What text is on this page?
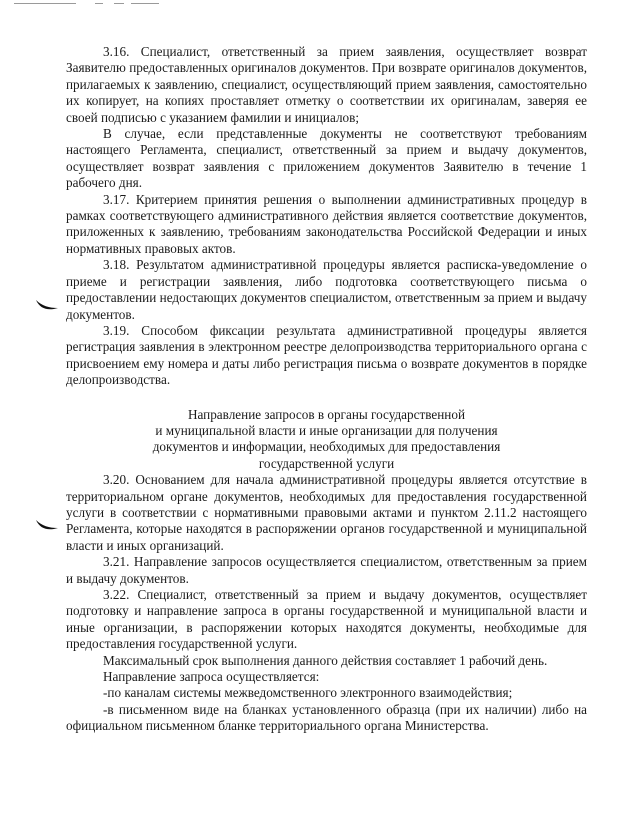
3.16. Специалист, ответственный за прием заявления, осуществляет возврат Заявителю предоставленных оригиналов документов. При возврате оригиналов документов, прилагаемых к заявлению, специалист, осуществляющий прием заявления, самостоятельно их копирует, на копиях проставляет отметку о соответствии их оригиналам, заверяя ее своей подписью с указанием фамилии и инициалов;

В случае, если представленные документы не соответствуют требованиям настоящего Регламента, специалист, ответственный за прием и выдачу документов, осуществляет возврат заявления с приложением документов Заявителю в течение 1 рабочего дня.

3.17. Критерием принятия решения о выполнении административных процедур в рамках соответствующего административного действия является соответствие документов, приложенных к заявлению, требованиям законодательства Российской Федерации и иных нормативных правовых актов.

3.18. Результатом административной процедуры является расписка-уведомление о приеме и регистрации заявления, либо подготовка соответствующего письма о предоставлении недостающих документов специалистом, ответственным за прием и выдачу документов.

3.19. Способом фиксации результата административной процедуры является регистрация заявления в электронном реестре делопроизводства территориального органа с присвоением ему номера и даты либо регистрация письма о возврате документов в порядке делопроизводства.

Направление запросов в органы государственной
и муниципальной власти и иные организации для получения
документов и информации, необходимых для предоставления
государственной услуги

3.20. Основанием для начала административной процедуры является отсутствие в территориальном органе документов, необходимых для предоставления государственной услуги в соответствии с нормативными правовыми актами и пунктом 2.11.2 настоящего Регламента, которые находятся в распоряжении органов государственной и муниципальной власти и иных организаций.

3.21. Направление запросов осуществляется специалистом, ответственным за прием и выдачу документов.

3.22. Специалист, ответственный за прием и выдачу документов, осуществляет подготовку и направление запроса в органы государственной и муниципальной власти и иные организации, в распоряжении которых находятся документы, необходимые для предоставления государственной услуги.

Максимальный срок выполнения данного действия составляет 1 рабочий день.

Направление запроса осуществляется:

-по каналам системы межведомственного электронного взаимодействия;

-в письменном виде на бланках установленного образца (при их наличии) либо на официальном письменном бланке территориального органа Министерства.
